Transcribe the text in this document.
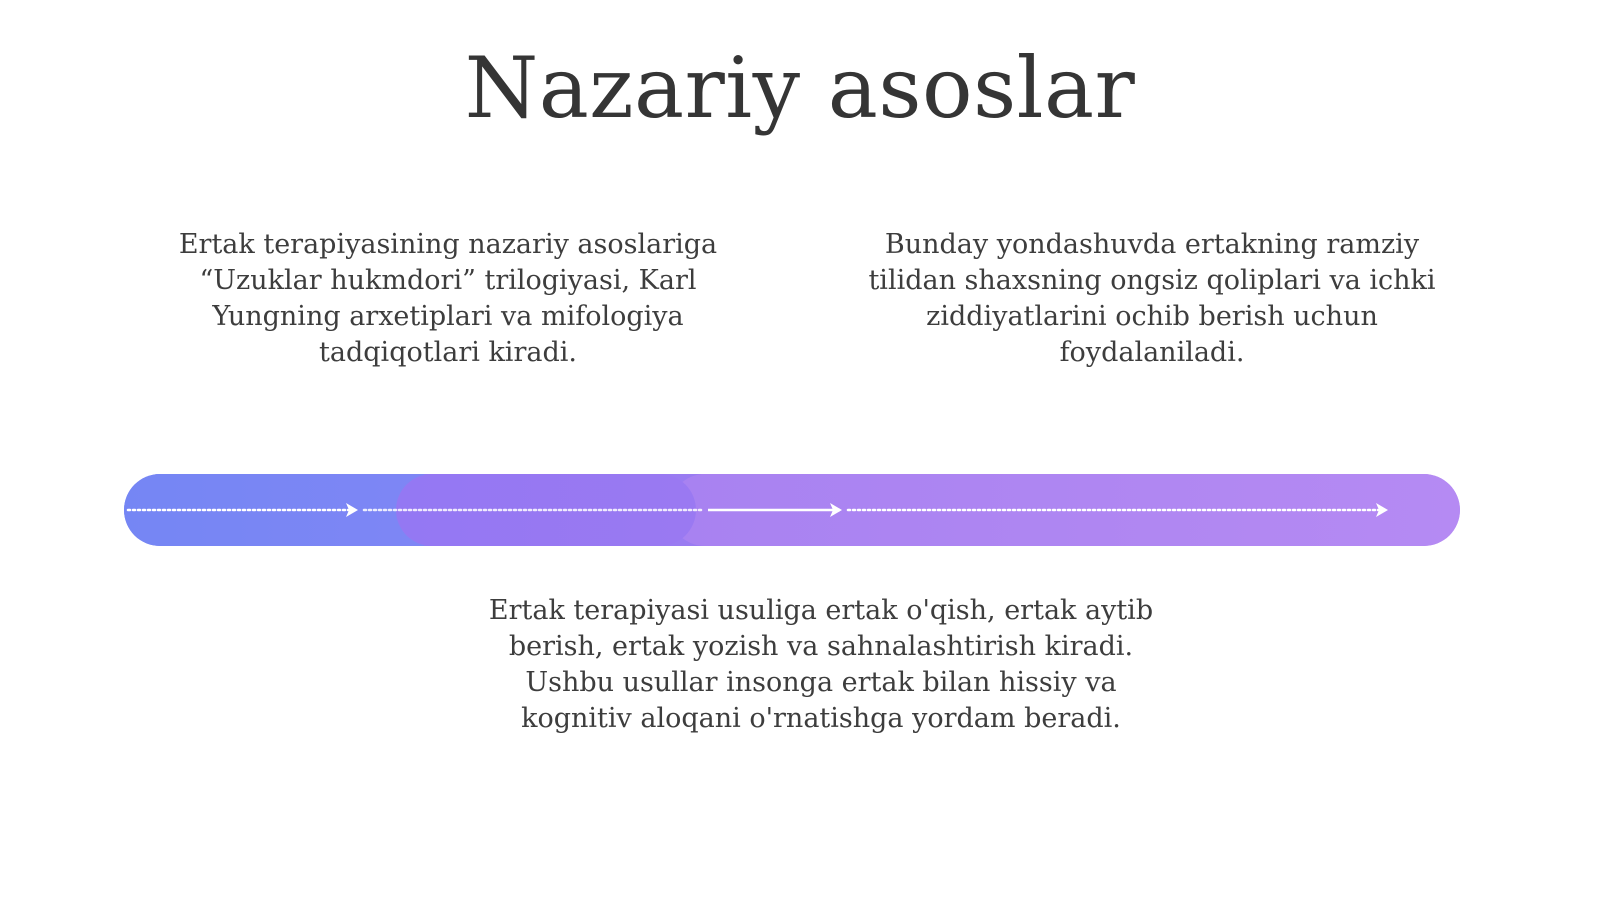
Nazariy asoslar
Ertak terapiyasining nazariy asoslariga
“Uzuklar hukmdori” trilogiyasi, Karl
Yungning arxetiplari va mifologiya
tadqiqotlari kiradi.
Bunday yondashuvda ertakning ramziy
tilidan shaxsning ongsiz qoliplari va ichki
ziddiyatlarini ochib berish uchun
foydalaniladi.
Ertak terapiyasi usuliga ertak o'qish, ertak aytib
berish, ertak yozish va sahnalashtirish kiradi.
Ushbu usullar insonga ertak bilan hissiy va
kognitiv aloqani o'rnatishga yordam beradi.
